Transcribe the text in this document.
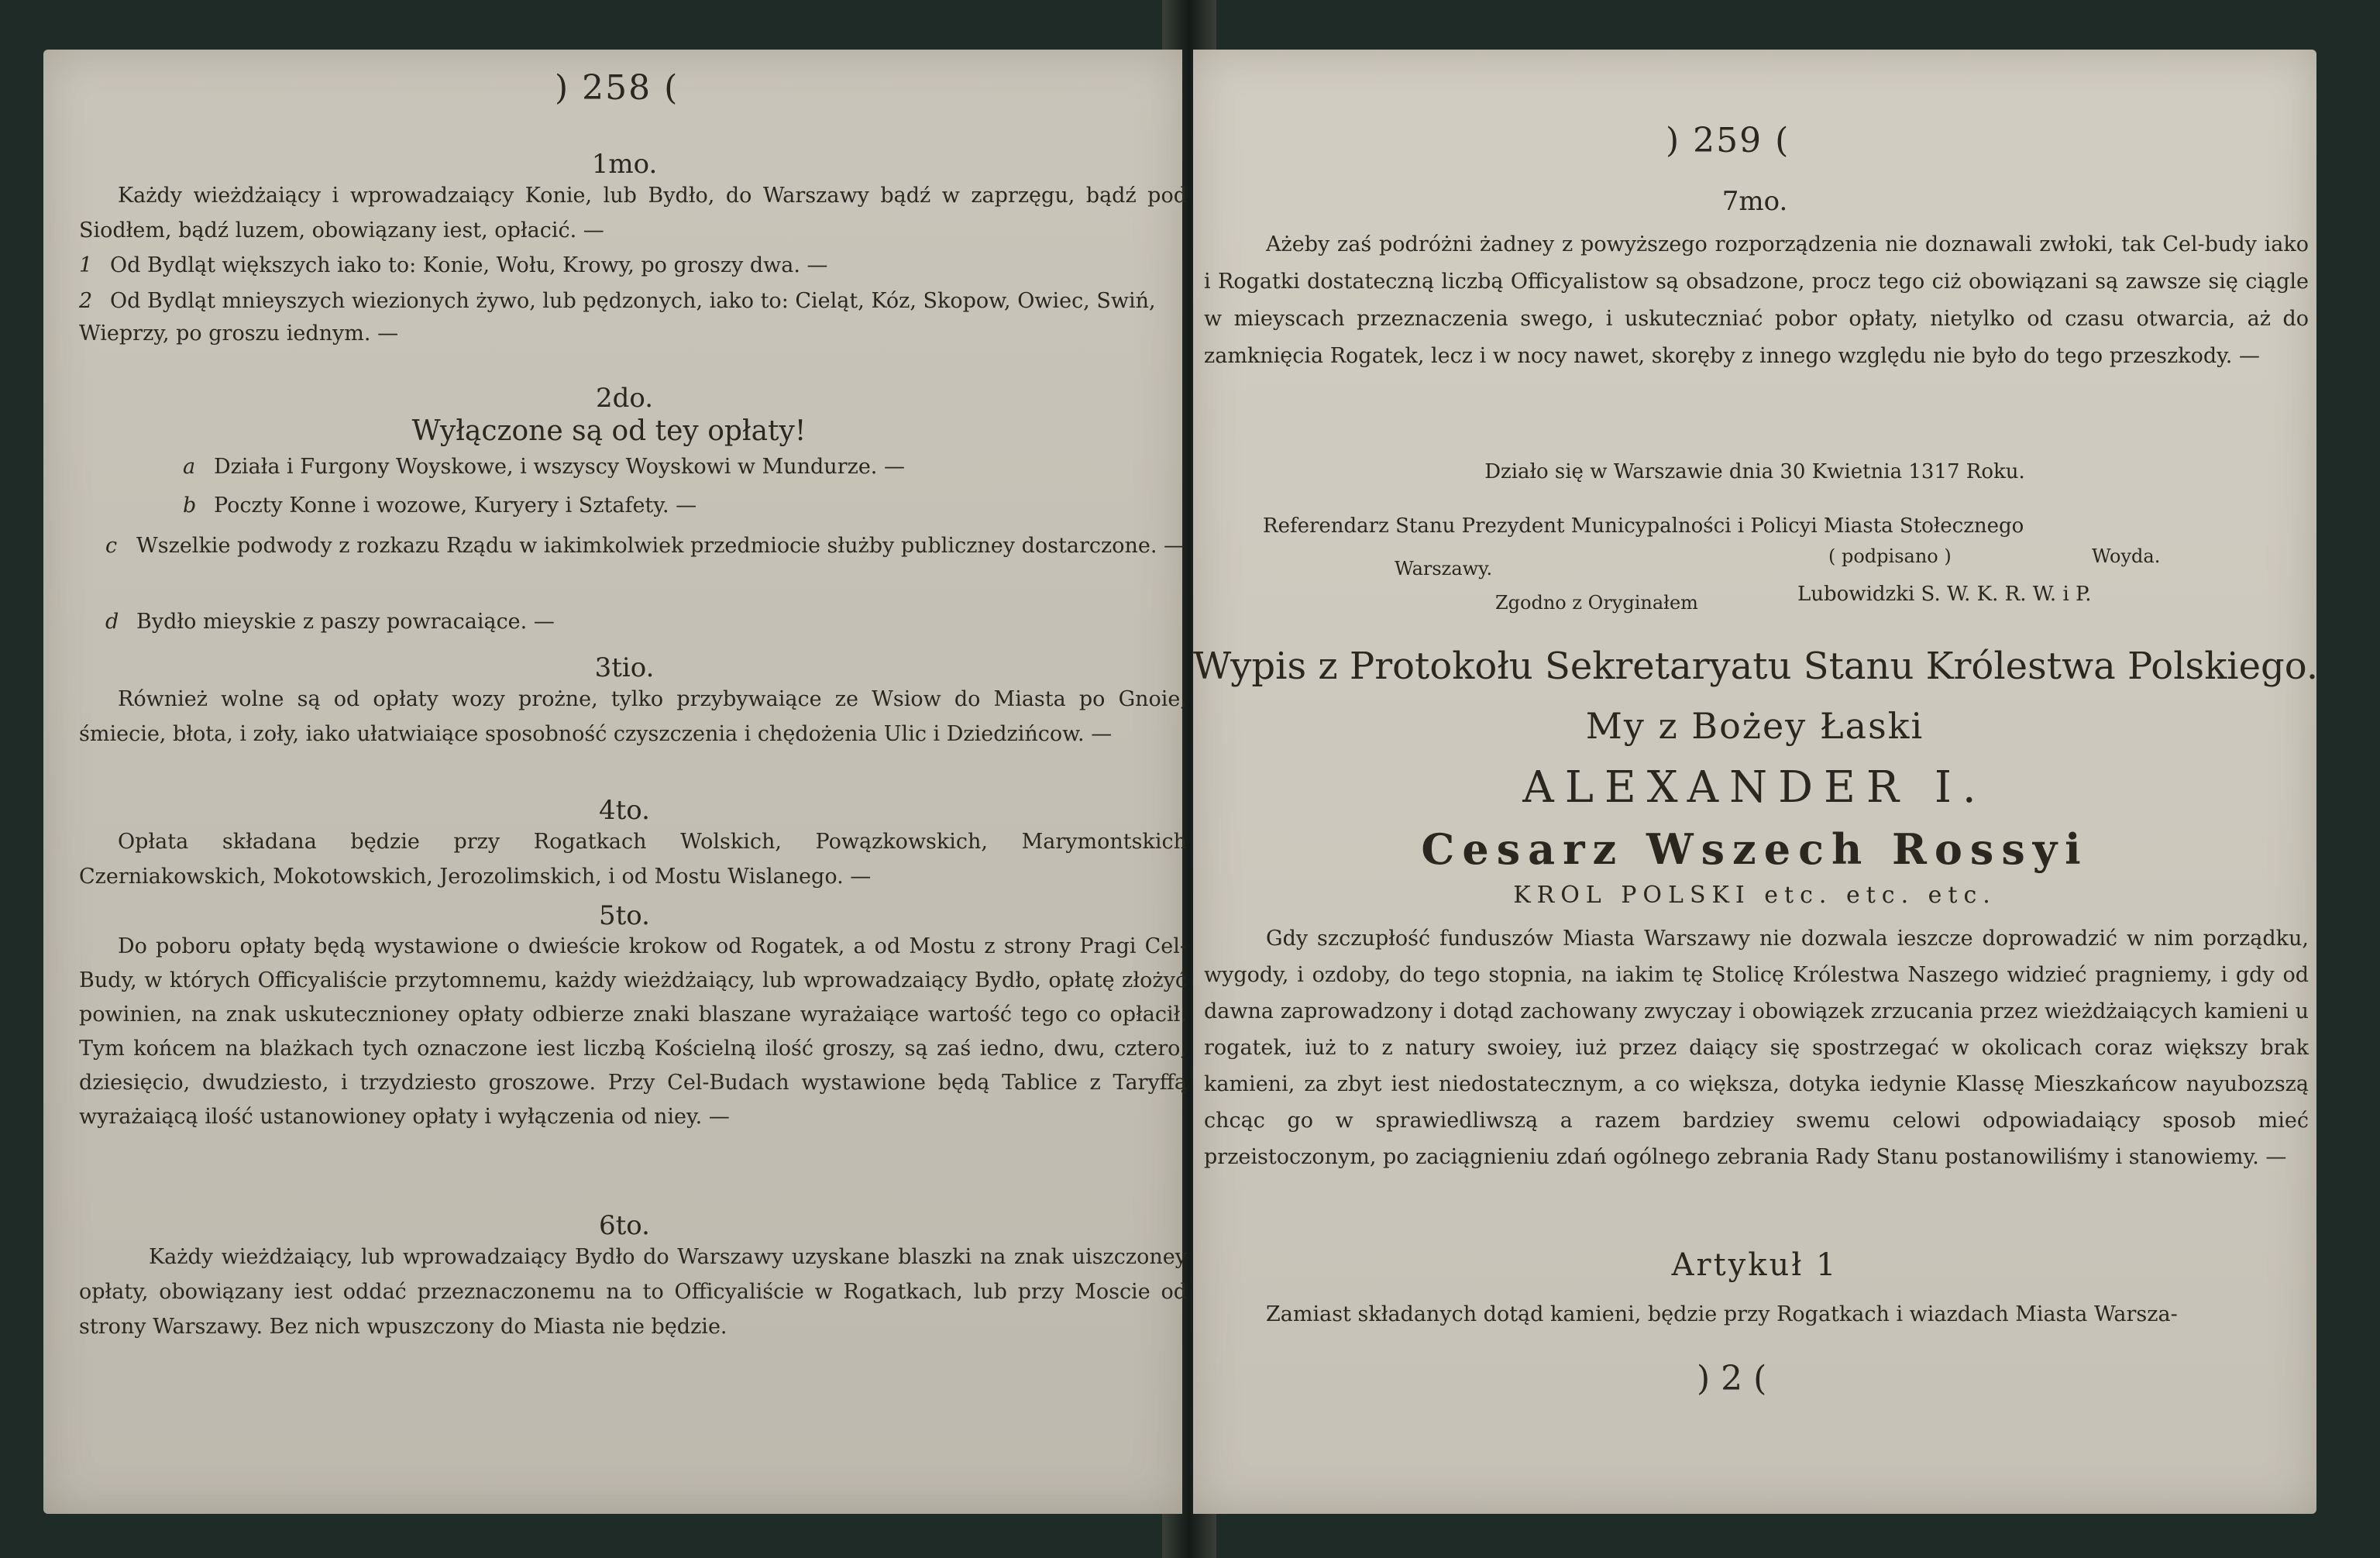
) 258 (
1mo.
Każdy wieżdżaiący i wprowadzaiący Konie, lub Bydło, do Warszawy bądź w zaprzęgu, bądź pod Siodłem, bądź luzem, obowiązany iest, opłacić. —
1 Od Bydląt większych iako to: Konie, Wołu, Krowy, po groszy dwa. —
2 Od Bydląt mnieyszych wiezionych żywo, lub pędzonych, iako to: Cieląt, Kóz, Skopow, Owiec, Swiń, Wieprzy, po groszu iednym. —
2do.
Wyłączone są od tey opłaty!
a Działa i Furgony Woyskowe, i wszyscy Woyskowi w Mundurze. —
b Poczty Konne i wozowe, Kuryery i Sztafety. —
c Wszelkie podwody z rozkazu Rządu w iakimkolwiek przedmiocie służby publiczney dostarczone. —
d Bydło mieyskie z paszy powracaiące. —
3tio.
Również wolne są od opłaty wozy prożne, tylko przybywaiące ze Wsiow do Miasta po Gnoie, śmiecie, błota, i zoły, iako ułatwiaiące sposobność czyszczenia i chędożenia Ulic i Dziedzińcow. —
4to.
Opłata składana będzie przy Rogatkach Wolskich, Powązkowskich, Marymontskich Czerniakowskich, Mokotowskich, Jerozolimskich, i od Mostu Wislanego. —
5to.
Do poboru opłaty będą wystawione o dwieście krokow od Rogatek, a od Mostu z strony Pragi Cel-Budy, w których Officyaliście przytomnemu, każdy wieżdżaiący, lub wprowadzaiący Bydło, opłatę złożyć powinien, na znak uskutecznioney opłaty odbierze znaki blaszane wyrażaiące wartość tego co opłacił. Tym końcem na blażkach tych oznaczone iest liczbą Kościelną ilość groszy, są zaś iedno, dwu, cztero, dziesięcio, dwudziesto, i trzydziesto groszowe. Przy Cel-Budach wystawione będą Tablice z Taryffą wyrażaiącą ilość ustanowioney opłaty i wyłączenia od niey. —
6to.
Każdy wieżdżaiący, lub wprowadzaiący Bydło do Warszawy uzyskane blaszki na znak uiszczoney opłaty, obowiązany iest oddać przeznaczonemu na to Officyaliście w Rogatkach, lub przy Moscie od strony Warszawy. Bez nich wpuszczony do Miasta nie będzie.
) 259 (
7mo.
Ażeby zaś podróżni żadney z powyższego rozporządzenia nie doznawali zwłoki, tak Cel-budy iako i Rogatki dostateczną liczbą Officyalistow są obsadzone, procz tego ciż obowiązani są zawsze się ciągle w mieyscach przeznaczenia swego, i uskuteczniać pobor opłaty, nietylko od czasu otwarcia, aż do zamknięcia Rogatek, lecz i w nocy nawet, skoręby z innego względu nie było do tego przeszkody. —
Działo się w Warszawie dnia 30 Kwietnia 1317 Roku.
Referendarz Stanu Prezydent Municypalności i Policyi Miasta Stołecznego
Warszawy.
( podpisano )	Woyda.
Zgodno z Oryginałem	Lubowidzki S. W. K. R. W. i P.
Wypis z Protokołu Sekretaryatu Stanu Królestwa Polskiego.
My z Bożey Łaski
ALEXANDER I.
Cesarz Wszech Rossyi
KROL POLSKI etc. etc. etc.
Gdy szczupłość funduszów Miasta Warszawy nie dozwala ieszcze doprowadzić w nim porządku, wygody, i ozdoby, do tego stopnia, na iakim tę Stolicę Królestwa Naszego widzieć pragniemy, i gdy od dawna zaprowadzony i dotąd zachowany zwyczay i obowiązek zrzucania przez wieżdżaiących kamieni u rogatek, iuż to z natury swoiey, iuż przez daiący się spostrzegać w okolicach coraz większy brak kamieni, za zbyt iest niedostatecznym, a co większa, dotyka iedynie Klassę Mieszkańcow nayubozszą chcąc go w sprawiedliwszą a razem bardziey swemu celowi odpowiadaiący sposob mieć przeistoczonym, po zaciągnieniu zdań ogólnego zebrania Rady Stanu postanowiliśmy i stanowiemy. —
Artykuł 1
Zamiast składanych dotąd kamieni, będzie przy Rogatkach i wiazdach Miasta Warsza-
) 2 (
